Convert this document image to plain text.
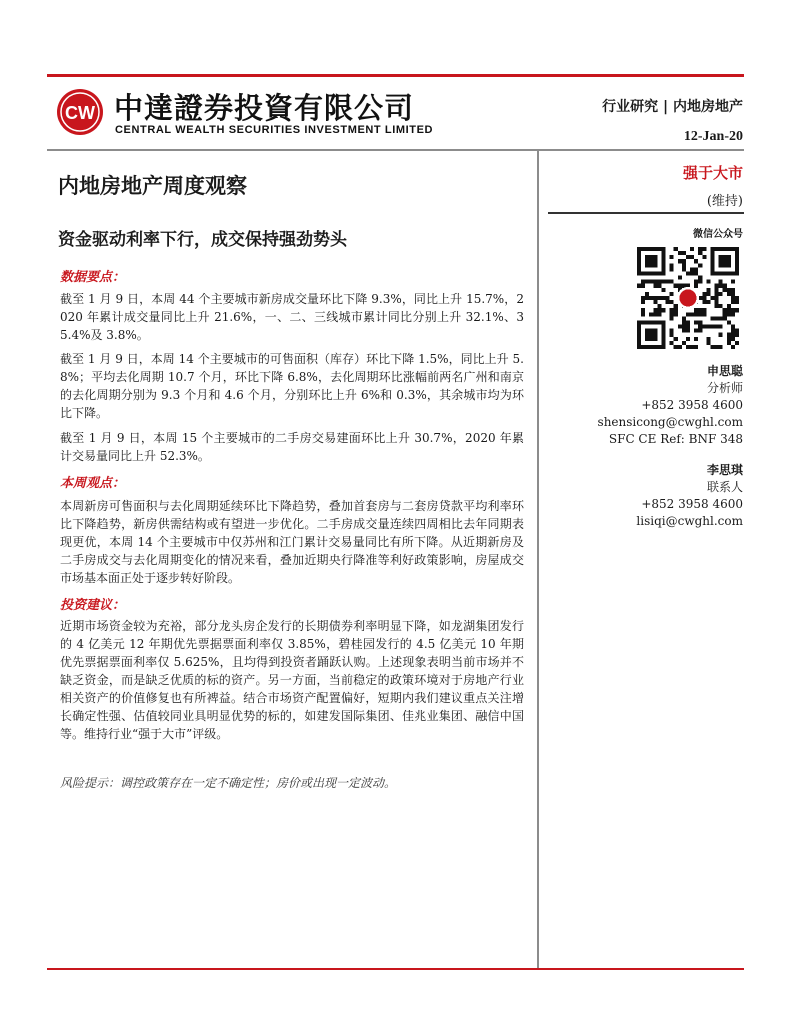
CW 中達證券投資有限公司
CENTRAL WEALTH SECURITIES INVESTMENT LIMITED
行业研究 | 内地房地产
12-Jan-20
内地房地产周度观察
资金驱动利率下行，成交保持强劲势头
数据要点：
截至 1 月 9 日，本周 44 个主要城市新房成交量环比下降 9.3%，同比上升 15.7%，2020 年累计成交量同比上升 21.6%，一、二、三线城市累计同比分别上升 32.1%、35.4%及 3.8%。
截至 1 月 9 日，本周 14 个主要城市的可售面积（库存）环比下降 1.5%，同比上升 5.8%；平均去化周期 10.7 个月，环比下降 6.8%，去化周期环比涨幅前两名广州和南京的去化周期分别为 9.3 个月和 4.6 个月，分别环比上升 6%和 0.3%，其余城市均为环比下降。
截至 1 月 9 日，本周 15 个主要城市的二手房交易建面环比上升 30.7%，2020 年累计交易量同比上升 52.3%。
本周观点：
本周新房可售面积与去化周期延续环比下降趋势，叠加首套房与二套房贷款平均利率环比下降趋势，新房供需结构或有望进一步优化。二手房成交量连续四周相比去年同期表现更优，本周 14 个主要城市中仅苏州和江门累计交易量同比有所下降。从近期新房及二手房成交与去化周期变化的情况来看，叠加近期央行降准等利好政策影响，房屋成交市场基本面正处于逐步转好阶段。
投资建议：
近期市场资金较为充裕，部分龙头房企发行的长期债券利率明显下降，如龙湖集团发行的 4 亿美元 12 年期优先票据票面利率仅 3.85%，碧桂园发行的 4.5 亿美元 10 年期优先票据票面利率仅 5.625%，且均得到投资者踊跃认购。上述现象表明当前市场并不缺乏资金，而是缺乏优质的标的资产。另一方面，当前稳定的政策环境对于房地产行业相关资产的价值修复也有所裨益。结合市场资产配置偏好，短期内我们建议重点关注增长确定性强、估值较同业具明显优势的标的，如建发国际集团、佳兆业集团、融信中国等。维持行业“强于大市”评级。
风险提示：调控政策存在一定不确定性；房价或出现一定波动。
强于大市
(维持)
微信公众号
申思聪
分析师
+852 3958 4600
shensicong@cwghl.com
SFC CE Ref: BNF 348
李思琪
联系人
+852 3958 4600
lisiqi@cwghl.com
